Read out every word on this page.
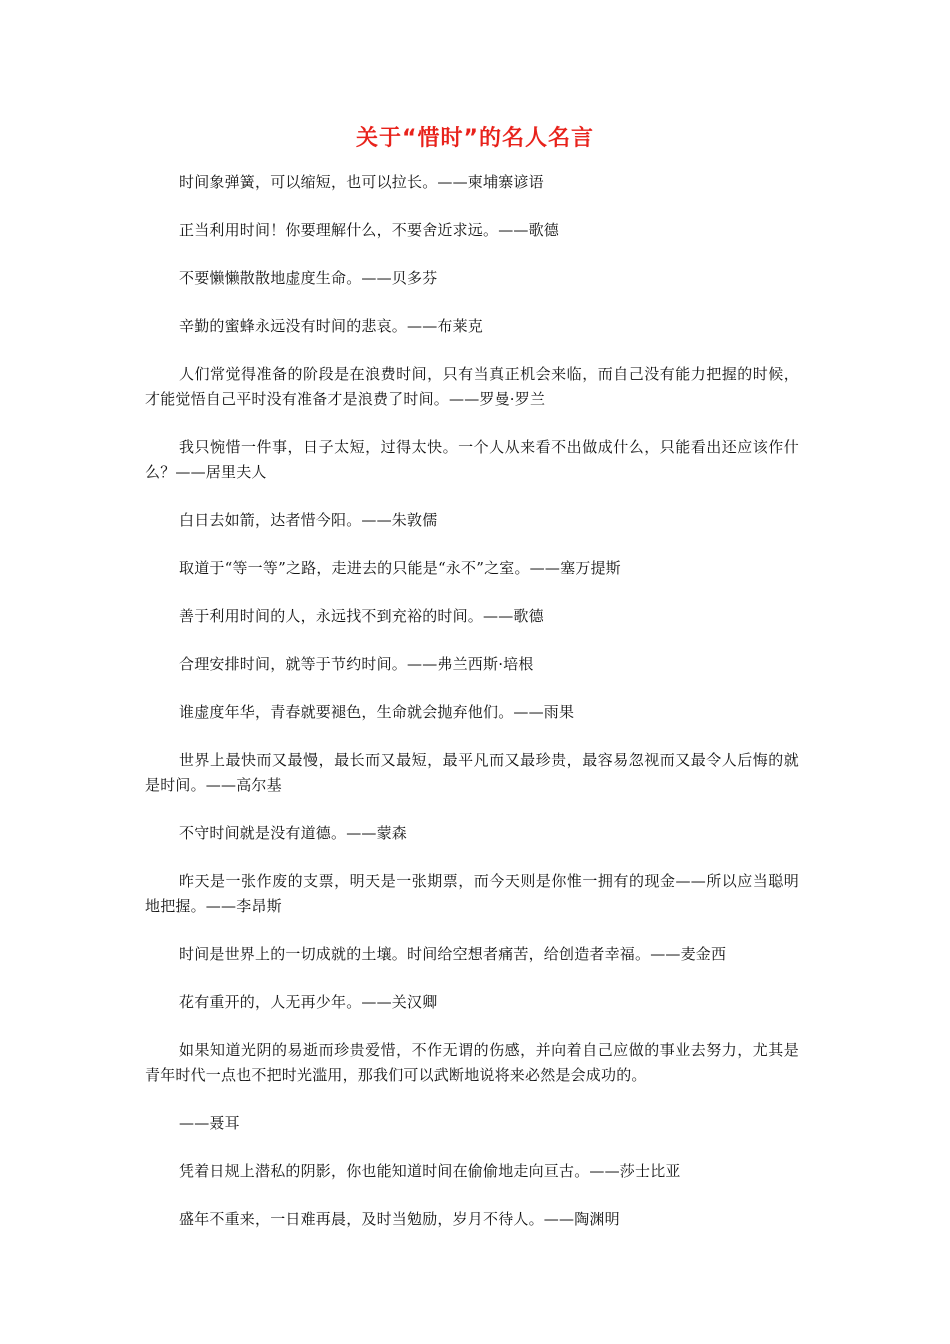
关于“惜时”的名人名言

时间象弹簧，可以缩短，也可以拉长。——柬埔寨谚语

正当利用时间！你要理解什么，不要舍近求远。——歌德

不要懒懒散散地虚度生命。——贝多芬

辛勤的蜜蜂永远没有时间的悲哀。——布莱克

人们常觉得准备的阶段是在浪费时间，只有当真正机会来临，而自己没有能力把握的时候，才能觉悟自己平时没有准备才是浪费了时间。——罗曼·罗兰

我只惋惜一件事，日子太短，过得太快。一个人从来看不出做成什么，只能看出还应该作什么？——居里夫人

白日去如箭，达者惜今阳。——朱敦儒

取道于“等一等”之路，走进去的只能是“永不”之室。——塞万提斯

善于利用时间的人，永远找不到充裕的时间。——歌德

合理安排时间，就等于节约时间。——弗兰西斯·培根

谁虚度年华，青春就要褪色，生命就会抛弃他们。——雨果

世界上最快而又最慢，最长而又最短，最平凡而又最珍贵，最容易忽视而又最令人后悔的就是时间。——高尔基

不守时间就是没有道德。——蒙森

昨天是一张作废的支票，明天是一张期票，而今天则是你惟一拥有的现金——所以应当聪明地把握。——李昂斯

时间是世界上的一切成就的土壤。时间给空想者痛苦，给创造者幸福。——麦金西

花有重开的，人无再少年。——关汉卿

如果知道光阴的易逝而珍贵爱惜，不作无谓的伤感，并向着自己应做的事业去努力，尤其是青年时代一点也不把时光滥用，那我们可以武断地说将来必然是会成功的。

——聂耳

凭着日规上潜私的阴影，你也能知道时间在偷偷地走向亘古。——莎士比亚

盛年不重来，一日难再晨，及时当勉励，岁月不待人。——陶渊明
